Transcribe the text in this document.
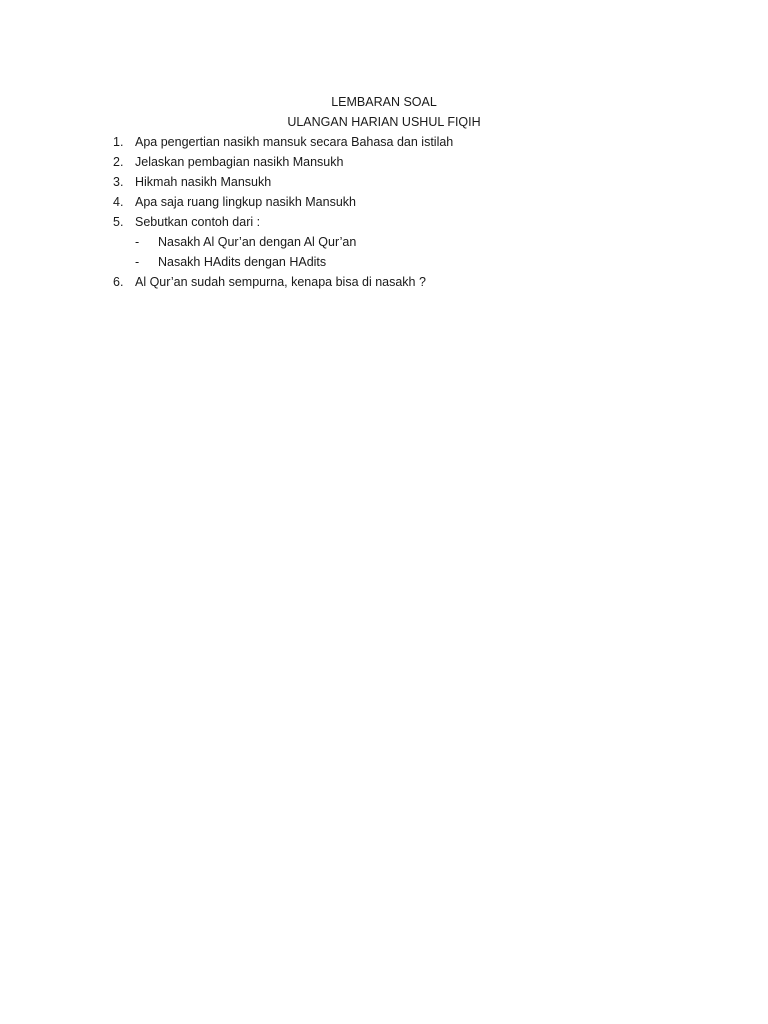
LEMBARAN SOAL
ULANGAN HARIAN USHUL FIQIH
1. Apa pengertian nasikh mansuk secara Bahasa dan istilah
2. Jelaskan pembagian nasikh Mansukh
3. Hikmah nasikh Mansukh
4. Apa saja ruang lingkup nasikh Mansukh
5. Sebutkan contoh dari :
-	Nasakh Al Qur’an dengan Al Qur’an
-	Nasakh HAdits dengan HAdits
6. Al Qur’an sudah sempurna, kenapa bisa di nasakh ?
